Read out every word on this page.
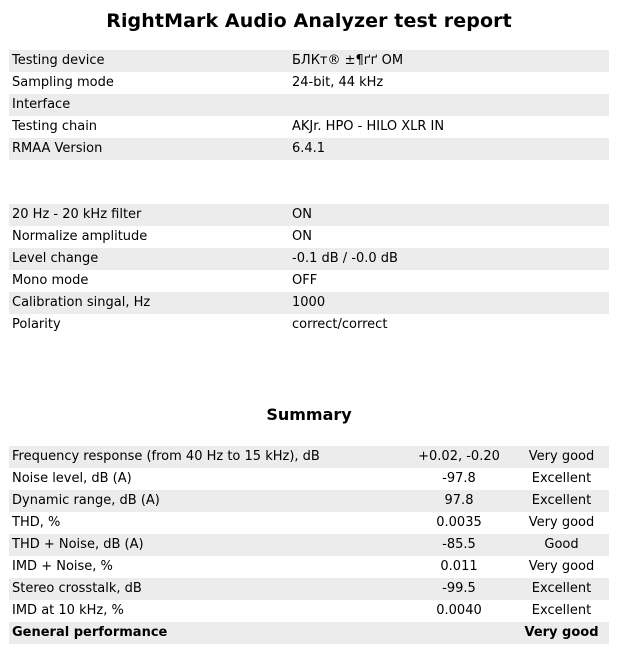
RightMark Audio Analyzer test report
Testing device	БЛКт® ±¶ґґ ОМ
Sampling mode	24-bit, 44 kHz
Interface	
Testing chain	AKJr. HPO - HILO XLR IN
RMAA Version	6.4.1
20 Hz - 20 kHz filter	ON
Normalize amplitude	ON
Level change	-0.1 dB / -0.0 dB
Mono mode	OFF
Calibration singal, Hz	1000
Polarity	correct/correct
Summary
Frequency response (from 40 Hz to 15 kHz), dB	+0.02, -0.20	Very good
Noise level, dB (A)	-97.8	Excellent
Dynamic range, dB (A)	97.8	Excellent
THD, %	0.0035	Very good
THD + Noise, dB (A)	-85.5	Good
IMD + Noise, %	0.011	Very good
Stereo crosstalk, dB	-99.5	Excellent
IMD at 10 kHz, %	0.0040	Excellent
General performance		Very good
